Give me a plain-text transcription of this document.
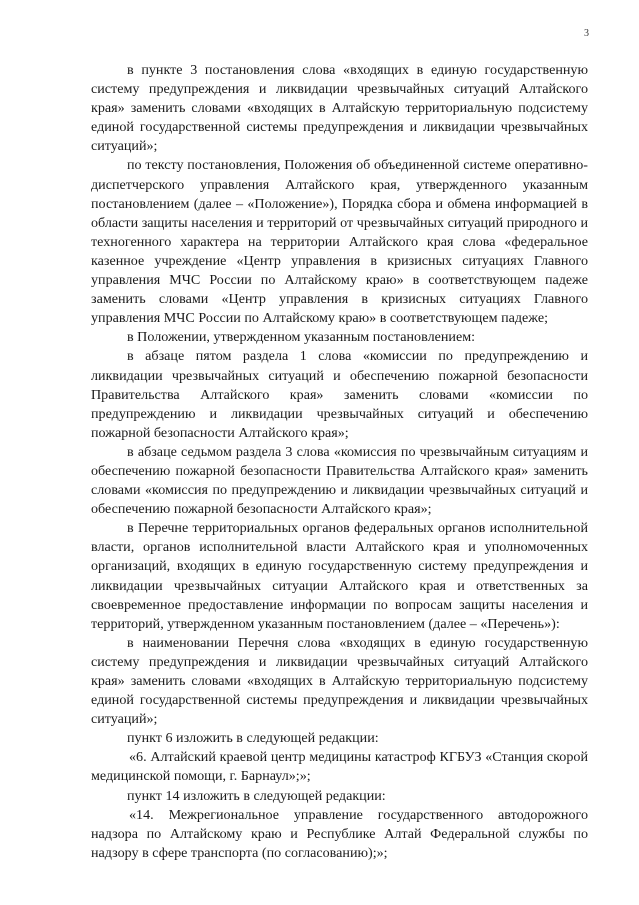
3

в пункте 3 постановления слова «входящих в единую государственную систему предупреждения и ликвидации чрезвычайных ситуаций Алтайского края» заменить словами «входящих в Алтайскую территориальную подсистему единой государственной системы предупреждения и ликвидации чрезвычайных ситуаций»;

по тексту постановления, Положения об объединенной системе оперативно-диспетчерского управления Алтайского края, утвержденного указанным постановлением (далее – «Положение»), Порядка сбора и обмена информацией в области защиты населения и территорий от чрезвычайных ситуаций природного и техногенного характера на территории Алтайского края слова «федеральное казенное учреждение «Центр управления в кризисных ситуациях Главного управления МЧС России по Алтайскому краю» в соответствующем падеже заменить словами «Центр управления в кризисных ситуациях Главного управления МЧС России по Алтайскому краю» в соответствующем падеже;

в Положении, утвержденном указанным постановлением:

в абзаце пятом раздела 1 слова «комиссии по предупреждению и ликвидации чрезвычайных ситуаций и обеспечению пожарной безопасности Правительства Алтайского края» заменить словами «комиссии по предупреждению и ликвидации чрезвычайных ситуаций и обеспечению пожарной безопасности Алтайского края»;

в абзаце седьмом раздела 3 слова «комиссия по чрезвычайным ситуациям и обеспечению пожарной безопасности Правительства Алтайского края» заменить словами «комиссия по предупреждению и ликвидации чрезвычайных ситуаций и обеспечению пожарной безопасности Алтайского края»;

в Перечне территориальных органов федеральных органов исполнительной власти, органов исполнительной власти Алтайского края и уполномоченных организаций, входящих в единую государственную систему предупреждения и ликвидации чрезвычайных ситуации Алтайского края и ответственных за своевременное предоставление информации по вопросам защиты населения и территорий, утвержденном указанным постановлением (далее – «Перечень»):

в наименовании Перечня слова «входящих в единую государственную систему предупреждения и ликвидации чрезвычайных ситуаций Алтайского края» заменить словами «входящих в Алтайскую территориальную подсистему единой государственной системы предупреждения и ликвидации чрезвычайных ситуаций»;

пункт 6 изложить в следующей редакции:

«6. Алтайский краевой центр медицины катастроф КГБУЗ «Станция скорой медицинской помощи, г. Барнаул»;»;

пункт 14 изложить в следующей редакции:

«14. Межрегиональное управление государственного автодорожного надзора по Алтайскому краю и Республике Алтай Федеральной службы по надзору в сфере транспорта (по согласованию);»;
